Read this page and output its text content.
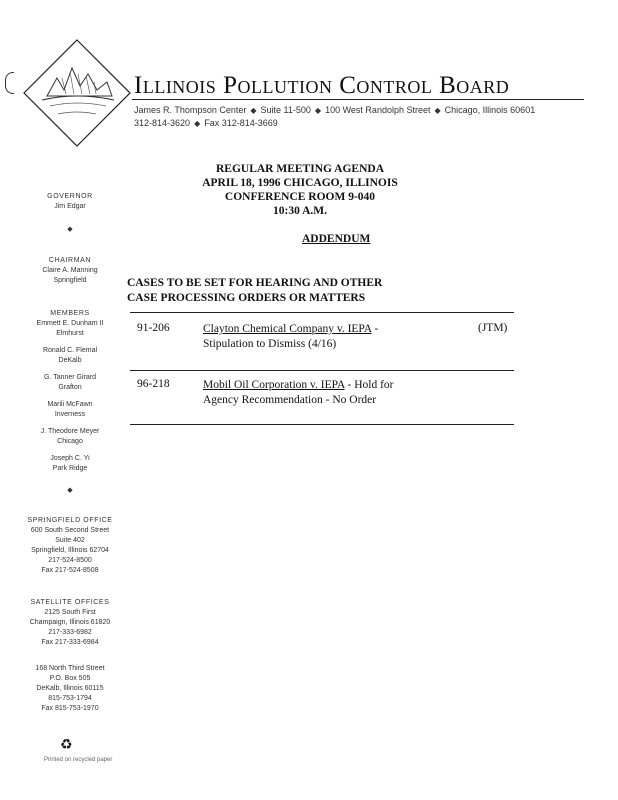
Illinois Pollution Control Board
James R. Thompson Center ◆ Suite 11-500 ◆ 100 West Randolph Street ◆ Chicago, Illinois 60601
312-814-3620 ◆ Fax 312-814-3669
GOVERNOR
Jim Edgar
◆
CHAIRMAN
Claire A. Manning
Springfield
MEMBERS
Emmett E. Dunham II
Elmhurst
Ronald C. Flemal
DeKalb
G. Tanner Girard
Grafton
Marili McFawn
Inverness
J. Theodore Meyer
Chicago
Joseph C. Yi
Park Ridge
◆
SPRINGFIELD OFFICE
600 South Second Street
Suite 402
Springfield, Illinois 62704
217-524-8500
Fax 217-524-8508
SATELLITE OFFICES
2125 South First
Champaign, Illinois 61820
217-333-6982
Fax 217-333-6984
168 North Third Street
P.O. Box 505
DeKalb, Illinois 60115
815-753-1794
Fax 815-753-1970
♻
Printed on recycled paper
REGULAR MEETING AGENDA
APRIL 18, 1996 CHICAGO, ILLINOIS
CONFERENCE ROOM 9-040
10:30 A.M.
ADDENDUM
CASES TO BE SET FOR HEARING AND OTHER
CASE PROCESSING ORDERS OR MATTERS
91-206	Clayton Chemical Company v. IEPA -
Stipulation to Dismiss (4/16)
(JTM)
96-218	Mobil Oil Corporation v. IEPA - Hold for
Agency Recommendation - No Order
